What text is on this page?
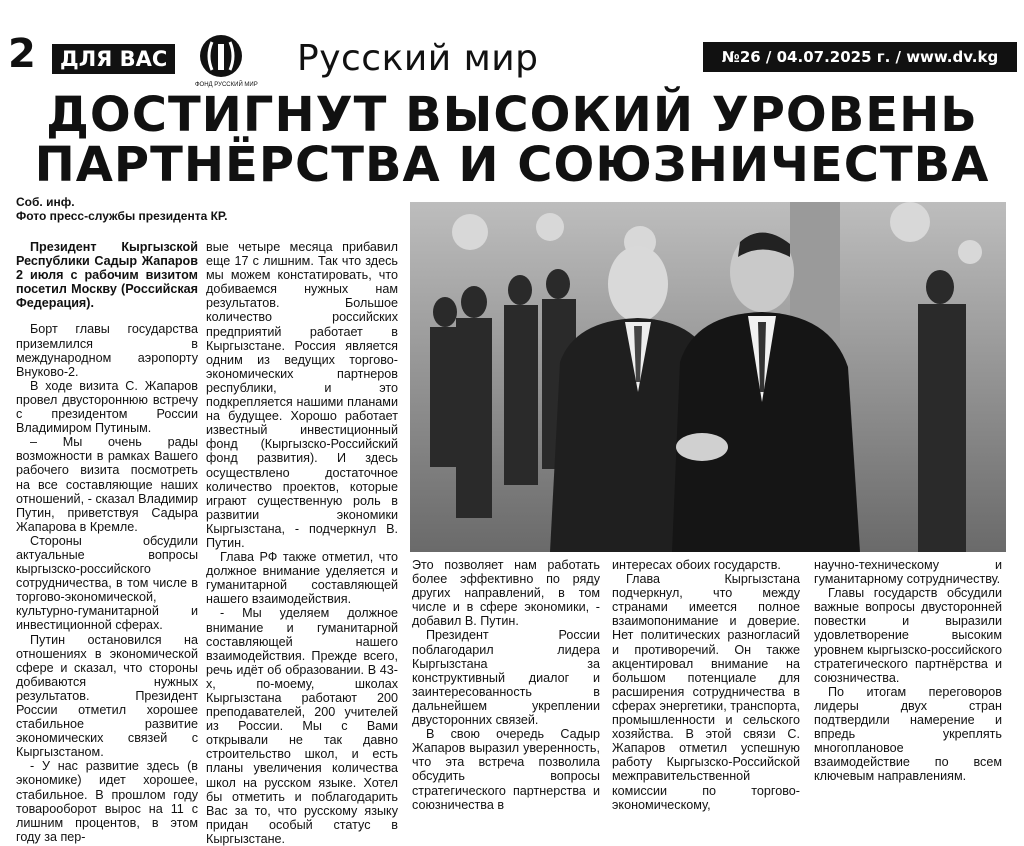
2	ДЛЯ ВАС
ФОНД РУССКИЙ МИР
Русский мир	№26 / 04.07.2025 г. / www.dv.kg
ДОСТИГНУТ ВЫСОКИЙ УРОВЕНЬ
ПАРТНЁРСТВА И СОЮЗНИЧЕСТВА
Соб. инф.
Фото пресс-службы президента КР.

Президент Кыргызской Республики Садыр Жапаров 2 июля с рабочим визитом посетил Москву (Российская Федерация).

Борт главы государства приземлился в международном аэропорту Внуково-2.

В ходе визита С. Жапаров провел двустороннюю встречу с президентом России Владимиром Путиным.

– Мы очень рады возможности в рамках Вашего рабочего визита посмотреть на все составляющие наших отношений, - сказал Владимир Путин, приветствуя Садыра Жапарова в Кремле.

Стороны обсудили актуальные вопросы кыргызско-российского сотрудничества, в том числе в торгово-экономической, культурно-гуманитарной и инвестиционной сферах.

Путин остановился на отношениях в экономической сфере и сказал, что стороны добиваются нужных результатов. Президент России отметил хорошее стабильное развитие экономических связей с Кыргызстаном.

- У нас развитие здесь (в экономике) идет хорошее, стабильное. В прошлом году товарооборот вырос на 11 с лишним процентов, в этом году за пер-

вые четыре месяца прибавил еще 17 с лишним. Так что здесь мы можем констатировать, что добиваемся нужных нам результатов. Большое количество российских предприятий работает в Кыргызстане. Россия является одним из ведущих торгово-экономических партнеров республики, и это подкрепляется нашими планами на будущее. Хорошо работает известный инвестиционный фонд (Кыргызско-Российский фонд развития). И здесь осуществлено достаточное количество проектов, которые играют существенную роль в развитии экономики Кыргызстана, - подчеркнул В. Путин.

Глава РФ также отметил, что должное внимание уделяется и гуманитарной составляющей нашего взаимодействия.

- Мы уделяем должное внимание и гуманитарной составляющей нашего взаимодействия. Прежде всего, речь идёт об образовании. В 43-х, по-моему, школах Кыргызстана работают 200 преподавателей, 200 учителей из России. Мы с Вами открывали не так давно строительство школ, и есть планы увеличения количества школ на русском языке. Хотел бы отметить и поблагодарить Вас за то, что русскому языку придан особый статус в Кыргызстане.

Это позволяет нам работать более эффективно по ряду других направлений, в том числе и в сфере экономики, - добавил В. Путин.

Президент России поблагодарил лидера Кыргызстана за конструктивный диалог и заинтересованность в дальнейшем укреплении двусторонних связей.

В свою очередь Садыр Жапаров выразил уверенность, что эта встреча позволила обсудить вопросы стратегического партнерства и союзничества в

интересах обоих государств.

Глава Кыргызстана подчеркнул, что между странами имеется полное взаимопонимание и доверие. Нет политических разногласий и противоречий. Он также акцентировал внимание на большом потенциале для расширения сотрудничества в сферах энергетики, транспорта, промышленности и сельского хозяйства. В этой связи С. Жапаров отметил успешную работу Кыргызско-Российской межправительственной комиссии по торгово-экономическому,

научно-техническому и гуманитарному сотрудничеству.

Главы государств обсудили важные вопросы двусторонней повестки и выразили удовлетворение высоким уровнем кыргызско-российского стратегического партнёрства и союзничества.

По итогам переговоров лидеры двух стран подтвердили намерение и впредь укреплять многоплановое взаимодействие по всем ключевым направлениям.
